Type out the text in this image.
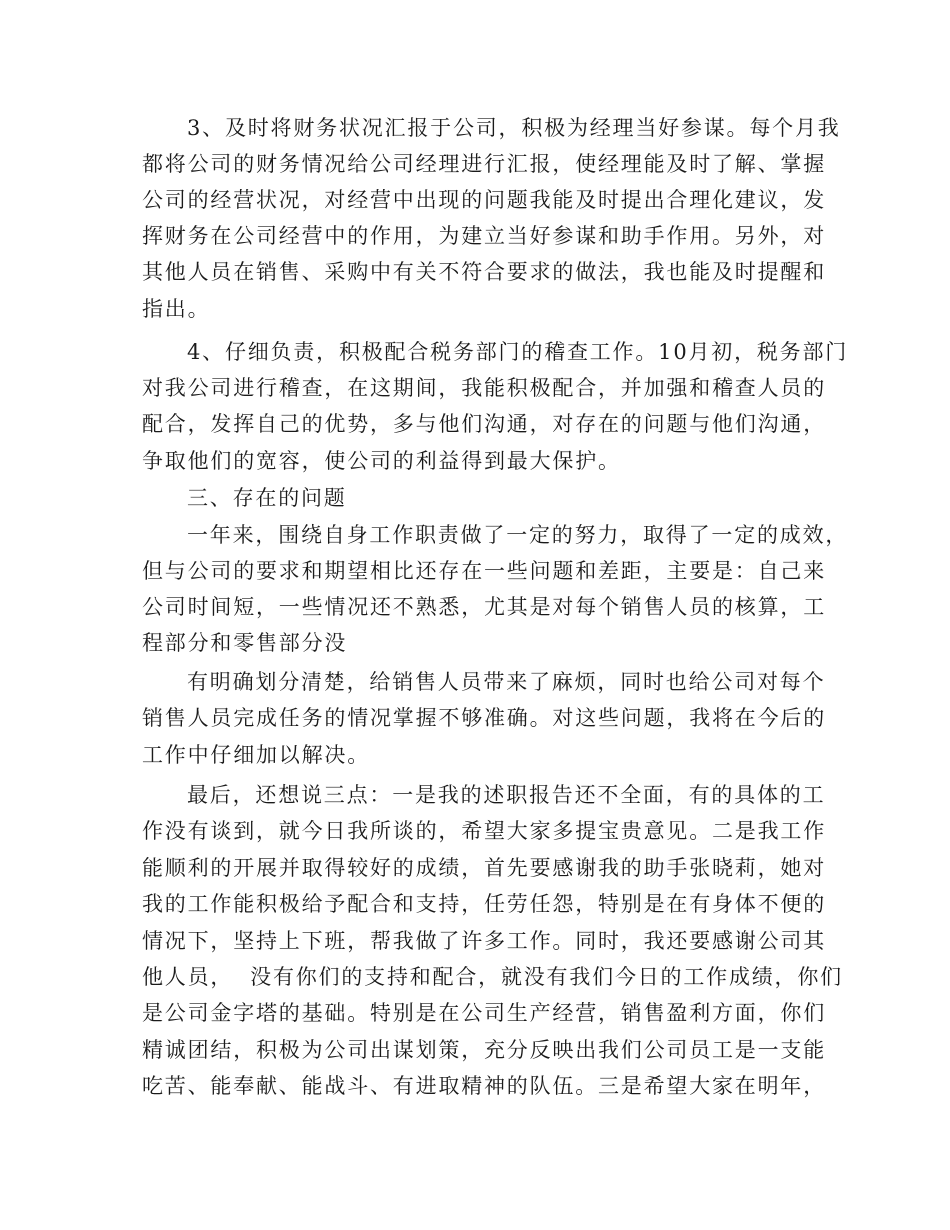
3、及时将财务状况汇报于公司，积极为经理当好参谋。每个月我
都将公司的财务情况给公司经理进行汇报，使经理能及时了解、掌握
公司的经营状况，对经营中出现的问题我能及时提出合理化建议，发
挥财务在公司经营中的作用，为建立当好参谋和助手作用。另外，对
其他人员在销售、采购中有关不符合要求的做法，我也能及时提醒和
指出。
4、仔细负责，积极配合税务部门的稽查工作。10月初，税务部门
对我公司进行稽查，在这期间，我能积极配合，并加强和稽查人员的
配合，发挥自己的优势，多与他们沟通，对存在的问题与他们沟通，
争取他们的宽容，使公司的利益得到最大保护。
三、存在的问题
一年来，围绕自身工作职责做了一定的努力，取得了一定的成效，
但与公司的要求和期望相比还存在一些问题和差距，主要是：自己来
公司时间短，一些情况还不熟悉，尤其是对每个销售人员的核算，工
程部分和零售部分没
有明确划分清楚，给销售人员带来了麻烦，同时也给公司对每个
销售人员完成任务的情况掌握不够准确。对这些问题，我将在今后的
工作中仔细加以解决。
最后，还想说三点：一是我的述职报告还不全面，有的具体的工
作没有谈到，就今日我所谈的，希望大家多提宝贵意见。二是我工作
能顺利的开展并取得较好的成绩，首先要感谢我的助手张晓莉，她对
我的工作能积极给予配合和支持，任劳任怨，特别是在有身体不便的
情况下，坚持上下班，帮我做了许多工作。同时，我还要感谢公司其
他人员，  没有你们的支持和配合，就没有我们今日的工作成绩，你们
是公司金字塔的基础。特别是在公司生产经营，销售盈利方面，你们
精诚团结，积极为公司出谋划策，充分反映出我们公司员工是一支能
吃苦、能奉献、能战斗、有进取精神的队伍。三是希望大家在明年，
